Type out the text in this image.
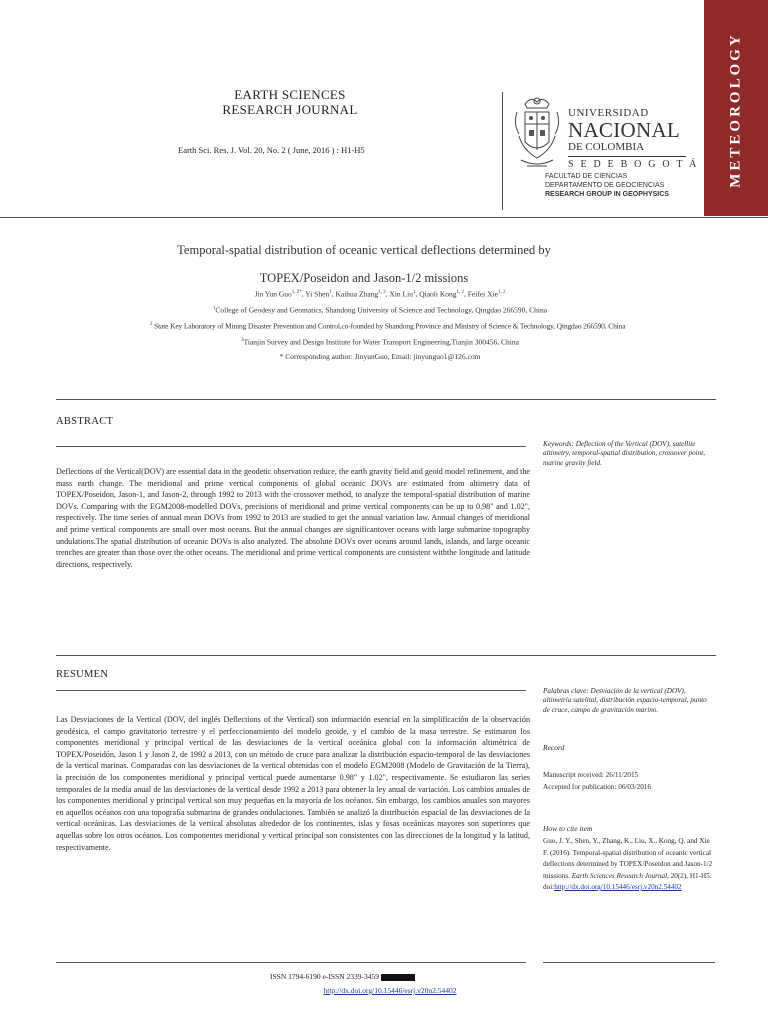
METEOROLOGY
EARTH SCIENCES
RESEARCH JOURNAL
Earth Sci. Res. J. Vol. 20, No. 2 ( June, 2016 ) : H1-H5
UNIVERSIDAD
NACIONAL
DE COLOMBIA
S E D E B O G O T Á
FACULTAD DE CIENCIAS
DEPARTAMENTO DE GEOCIENCIAS
RESEARCH GROUP IN GEOPHYSICS
Temporal-spatial distribution of oceanic vertical deflections determined by
TOPEX/Poseidon and Jason-1/2 missions
Jin Yun Guo$^{1, 2*}$, Yi Shen$^1$, Kaihua Zhang$^{1, 3}$, Xin Liu$^1$, Qiaoli Kong$^{1, 2}$, Feifei Xie$^{1, 2}$
$^1$College of Geodesy and Geomatics, Shandong University of Science and Technology, Qingdao 266590, China
$^2$ State Key Laboratory of Mining Disaster Prevention and Control,co-founded by Shandong Province and Ministry of Science & Technology, Qingdao 266590, China
$^3$Tianjin Survey and Design Institute for Water Transport Engineering,Tianjin 300456, China
* Corresponding author: JinyunGuo, Email: jinyunguo1@126.com
ABSTRACT
Keywords: Deflection of the Vertical (DOV), satellite altimetry, temporal-spatial distribution, crossover point, marine gravity field.
Deflections of the Vertical(DOV) are essential data in the geodetic observation reduce, the earth gravity field and geoid model refinement, and the mass earth change. The meridional and prime vertical components of global oceanic DOVs are estimated from altimetry data of TOPEX/Poseidon, Jason-1, and Jason-2, through 1992 to 2013 with the crossover method, to analyze the temporal-spatial distribution of marine DOVs. Comparing with the EGM2008-modelled DOVs, precisions of meridional and prime vertical components can be up to 0.98" and 1.02", respectively. The time series of annual mean DOVs from 1992 to 2013 are studied to get the annual variation law. Annual changes of meridional and prime vertical components are small over most oceans. But the annual changes are significantover oceans with large submarine topography undulations.The spatial distribution of oceanic DOVs is also analyzed. The absolute DOVs over oceans around lands, islands, and large oceanic trenches are greater than those over the other oceans. The meridional and prime vertical components are consistent withthe longitude and latitude directions, respectively.
RESUMEN
Palabras clave: Desviación de la vertical (DOV), altimetría satelital, distribución espacio-temporal, punto de cruce, campo de gravitación marino.
Las Desviaciones de la Vertical (DOV, del inglés Deflections of the Vertical) son información esencial en la simplificación de la observación geodésica, el campo gravitatorio terrestre y el perfeccionamiento del modelo geoide, y el cambio de la masa terrestre. Se estimaron los componentes meridional y principal vertical de las desviaciones de la vertical oceánica global con la información altimétrica de TOPEX/Poseidón, Jason 1 y Jason 2, de 1992 a 2013, con un método de cruce para analizar la distribución espacio-temporal de las desviaciones de la vertical marinas. Comparadas con las desviaciones de la vertical obtenidas con el modelo EGM2008 (Modelo de Gravitación de la Tierra), la precisión de los componentes meridional y principal vertical puede aumentarse 0.98" y 1.02", respectivamente. Se estudiaron las series temporales de la media anual de las desviaciones de la vertical desde 1992 a 2013 para obtener la ley anual de variación. Los cambios anuales de los componentes meridional y principal vertical son muy pequeñas en la mayoría de los océanos. Sin embargo, los cambios anuales son mayores en aquellos océanos con una topografía submarina de grandes ondulaciones. También se analizó la distribución espacial de las desviaciones de la vertical oceánicas. Las desviaciones de la vertical absolutas alrededor de los continentes, islas y fosas oceánicas mayores son superiores que aquellas sobre los otros océanos. Los componentes meridional y vertical principal son consistentes con las direcciones de la longitud y la latitud, respectivamente.
Record
Manuscript received: 26/11/2015
Accepted for publication: 06/03/2016
How to cite item
Guo, J. Y., Shen, Y., Zhang, K., Liu, X., Kong, Q. and Xie F. (2016). Temporal-spatial distribution of oceanic vertical deflections determined by TOPEX/Poseidon and Jason-1/2 missions. Earth Sciences Research Journal, 20(2), H1-H5. doi:http://dx.doi.org/10.15446/esrj.v20n2.54402
ISSN 1794-6190 e-ISSN 2339-3459
http://dx.doi.org/10.15446/esrj.v20n2.54402
